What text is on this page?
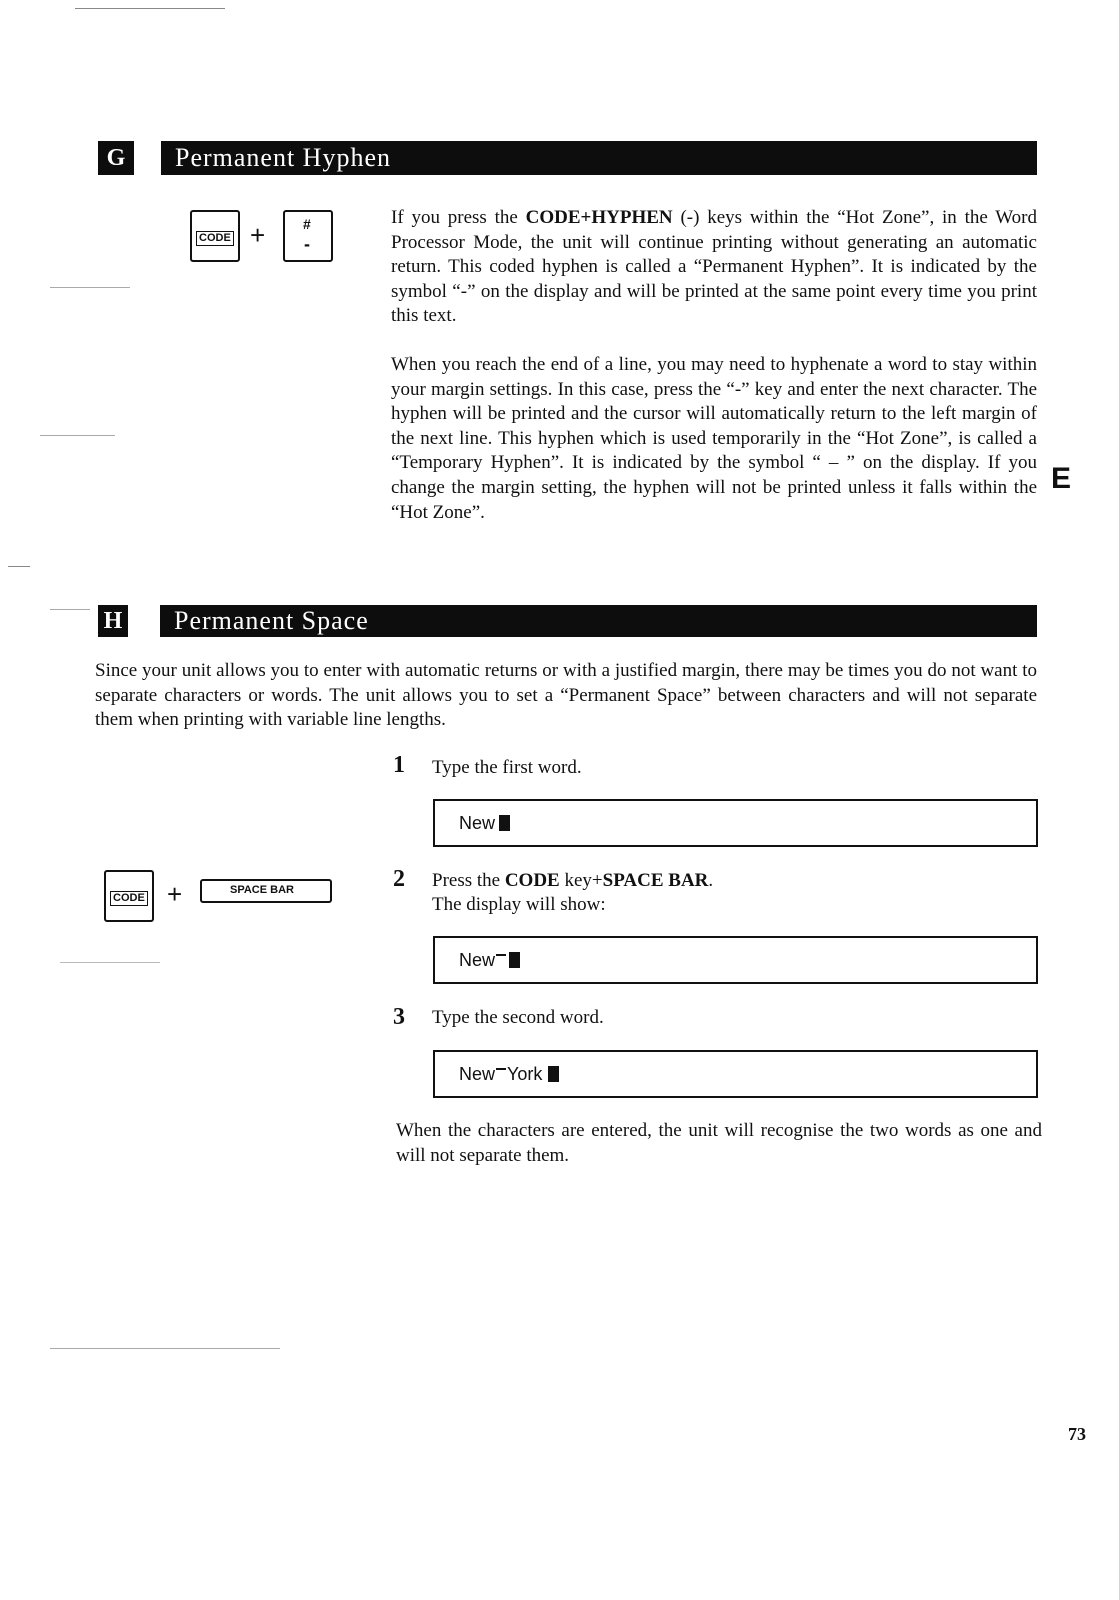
G	Permanent Hyphen
CODE +	#
-
If you press the CODE+HYPHEN (-) keys within the “Hot Zone”, in the Word Processor Mode, the unit will continue printing without generating an automatic return. This coded hyphen is called a “Permanent Hyphen”. It is indicated by the symbol “-” on the display and will be printed at the same point every time you print this text.
When you reach the end of a line, you may need to hyphenate a word to stay within your margin settings. In this case, press the “-” key and enter the next character. The hyphen will be printed and the cursor will automatically return to the left margin of the next line. This hyphen which is used temporarily in the “Hot Zone”, is called a “Temporary Hyphen”. It is indicated by the symbol “ ‒ ” on the display. If you change the margin setting, the hyphen will not be printed unless it falls within the “Hot Zone”.
H	Permanent Space
Since your unit allows you to enter with automatic returns or with a justified margin, there may be times you do not want to separate characters or words. The unit allows you to set a “Permanent Space” between characters and will not separate them when printing with variable line lengths.
1 Type the first word.
New
CODE +	SPACE BAR	2 Press the CODE key+SPACE BAR.
The display will show:
New
3 Type the second word.
New York
When the characters are entered, the unit will recognise the two words as one and will not separate them.
E
73
